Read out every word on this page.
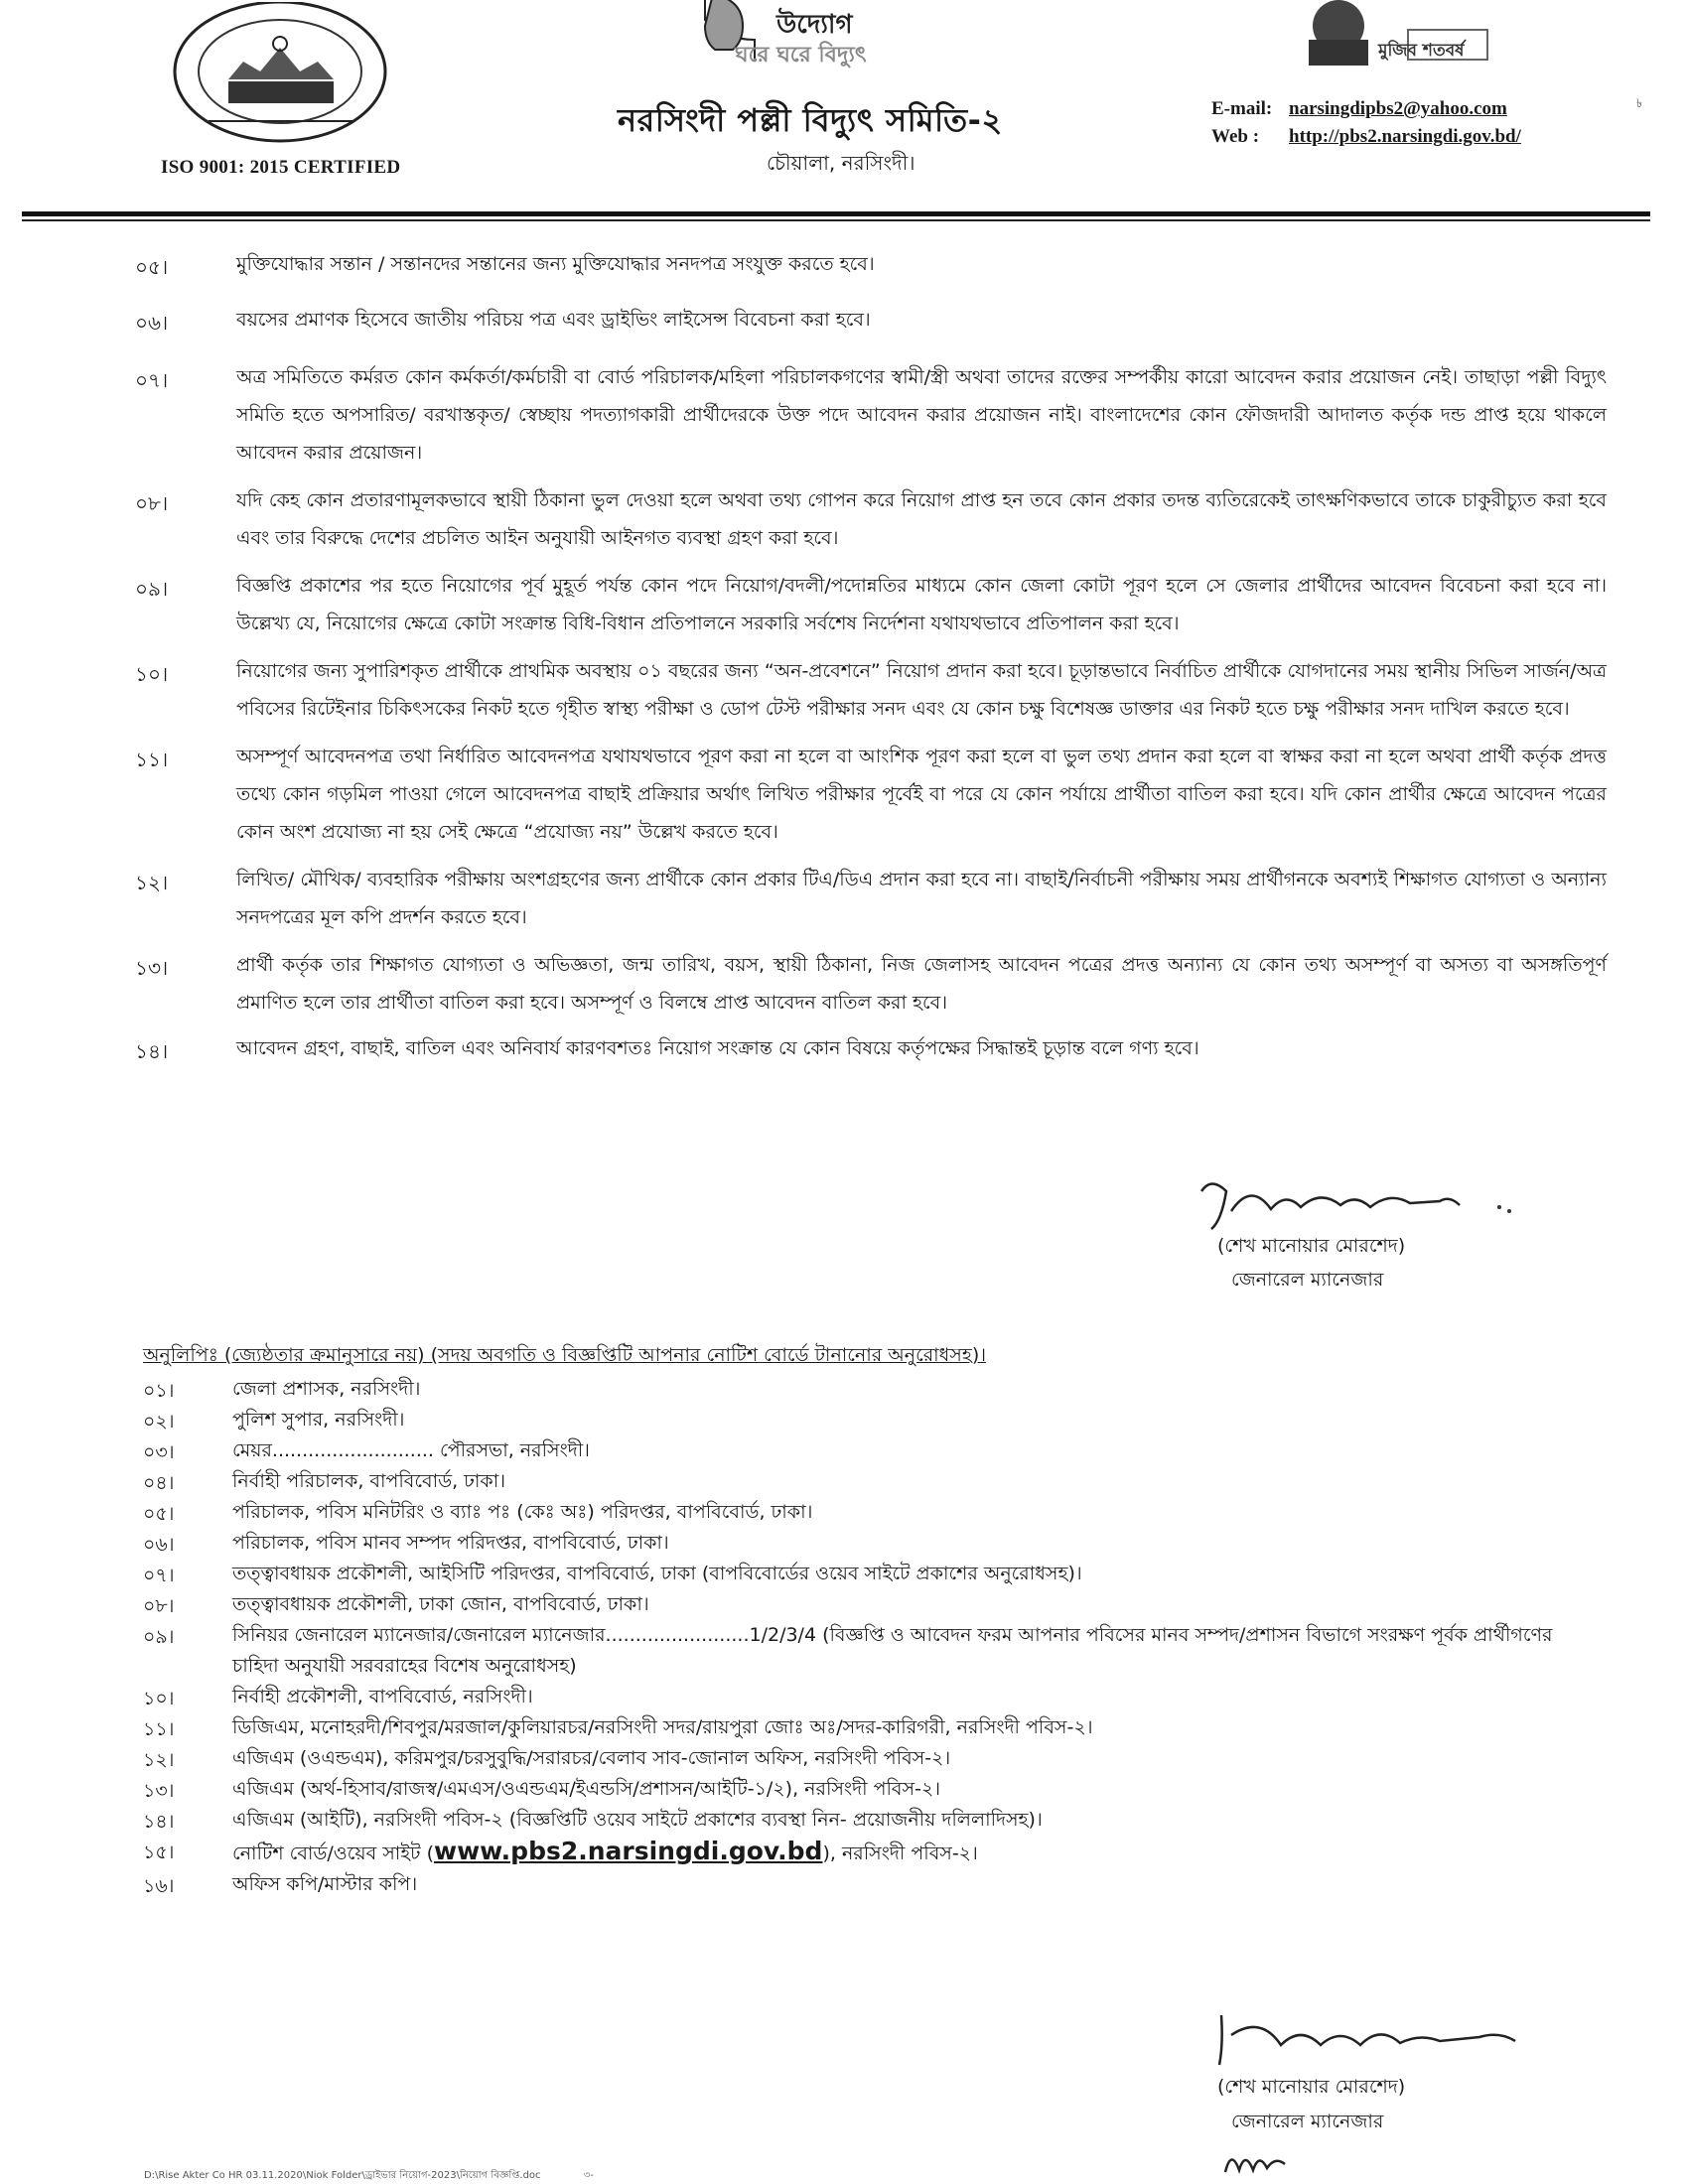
ISO 9001: 2015 CERTIFIED
উদ্যোগ
ঘরে ঘরে বিদ্যুৎ	মুজিব শতবর্ষ
৳
নরসিংদী পল্লী বিদ্যুৎ সমিতি-২
চৌয়ালা, নরসিংদী।
E-mail: narsingdipbs2@yahoo.com
Web : http://pbs2.narsingdi.gov.bd/
০৫।	মুক্তিযোদ্ধার সন্তান / সন্তানদের সন্তানের জন্য মুক্তিযোদ্ধার সনদপত্র সংযুক্ত করতে হবে।
০৬।	বয়সের প্রমাণক হিসেবে জাতীয় পরিচয় পত্র এবং ড্রাইভিং লাইসেন্স বিবেচনা করা হবে।
০৭।	অত্র সমিতিতে কর্মরত কোন কর্মকর্তা/কর্মচারী বা বোর্ড পরিচালক/মহিলা পরিচালকগণের স্বামী/স্ত্রী অথবা তাদের রক্তের সম্পর্কীয় কারো আবেদন করার প্রয়োজন নেই। তাছাড়া পল্লী বিদ্যুৎ সমিতি হতে অপসারিত/ বরখাস্তকৃত/ স্বেচ্ছায় পদত্যাগকারী প্রার্থীদেরকে উক্ত পদে আবেদন করার প্রয়োজন নাই। বাংলাদেশের কোন ফৌজদারী আদালত কর্তৃক দন্ড প্রাপ্ত হয়ে থাকলে আবেদন করার প্রয়োজন।
০৮।	যদি কেহ কোন প্রতারণামূলকভাবে স্থায়ী ঠিকানা ভুল দেওয়া হলে অথবা তথ্য গোপন করে নিয়োগ প্রাপ্ত হন তবে কোন প্রকার তদন্ত ব্যতিরেকেই তাৎক্ষণিকভাবে তাকে চাকুরীচ্যুত করা হবে এবং তার বিরুদ্ধে দেশের প্রচলিত আইন অনুযায়ী আইনগত ব্যবস্থা গ্রহণ করা হবে।
০৯।	বিজ্ঞপ্তি প্রকাশের পর হতে নিয়োগের পূর্ব মুহূর্ত পর্যন্ত কোন পদে নিয়োগ/বদলী/পদোন্নতির মাধ্যমে কোন জেলা কোটা পূরণ হলে সে জেলার প্রার্থীদের আবেদন বিবেচনা করা হবে না। উল্লেখ্য যে, নিয়োগের ক্ষেত্রে কোটা সংক্রান্ত বিধি-বিধান প্রতিপালনে সরকারি সর্বশেষ নির্দেশনা যথাযথভাবে প্রতিপালন করা হবে।
১০।	নিয়োগের জন্য সুপারিশকৃত প্রার্থীকে প্রাথমিক অবস্থায় ০১ বছরের জন্য “অন-প্রবেশনে” নিয়োগ প্রদান করা হবে। চূড়ান্তভাবে নির্বাচিত প্রার্থীকে যোগদানের সময় স্থানীয় সিভিল সার্জন/অত্র পবিসের রিটেইনার চিকিৎসকের নিকট হতে গৃহীত স্বাস্থ্য পরীক্ষা ও ডোপ টেস্ট পরীক্ষার সনদ এবং যে কোন চক্ষু বিশেষজ্ঞ ডাক্তার এর নিকট হতে চক্ষু পরীক্ষার সনদ দাখিল করতে হবে।
১১।	অসম্পূর্ণ আবেদনপত্র তথা নির্ধারিত আবেদনপত্র যথাযথভাবে পূরণ করা না হলে বা আংশিক পূরণ করা হলে বা ভুল তথ্য প্রদান করা হলে বা স্বাক্ষর করা না হলে অথবা প্রার্থী কর্তৃক প্রদত্ত তথ্যে কোন গড়মিল পাওয়া গেলে আবেদনপত্র বাছাই প্রক্রিয়ার অর্থাৎ লিখিত পরীক্ষার পূর্বেই বা পরে যে কোন পর্যায়ে প্রার্থীতা বাতিল করা হবে। যদি কোন প্রার্থীর ক্ষেত্রে আবেদন পত্রের কোন অংশ প্রযোজ্য না হয় সেই ক্ষেত্রে “প্রযোজ্য নয়” উল্লেখ করতে হবে।
১২।	লিখিত/ মৌখিক/ ব্যবহারিক পরীক্ষায় অংশগ্রহণের জন্য প্রার্থীকে কোন প্রকার টিএ/ডিএ প্রদান করা হবে না। বাছাই/নির্বাচনী পরীক্ষায় সময় প্রার্থীগনকে অবশ্যই শিক্ষাগত যোগ্যতা ও অন্যান্য সনদপত্রের মূল কপি প্রদর্শন করতে হবে।
১৩।	প্রার্থী কর্তৃক তার শিক্ষাগত যোগ্যতা ও অভিজ্ঞতা, জন্ম তারিখ, বয়স, স্থায়ী ঠিকানা, নিজ জেলাসহ আবেদন পত্রের প্রদত্ত অন্যান্য যে কোন তথ্য অসম্পূর্ণ বা অসত্য বা অসঙ্গতিপূর্ণ প্রমাণিত হলে তার প্রার্থীতা বাতিল করা হবে। অসম্পূর্ণ ও বিলম্বে প্রাপ্ত আবেদন বাতিল করা হবে।
১৪।	আবেদন গ্রহণ, বাছাই, বাতিল এবং অনিবার্য কারণবশতঃ নিয়োগ সংক্রান্ত যে কোন বিষয়ে কর্তৃপক্ষের সিদ্ধান্তই চূড়ান্ত বলে গণ্য হবে।
(শেখ মানোয়ার মোরশেদ)
জেনারেল ম্যানেজার
অনুলিপিঃ (জ্যেষ্ঠতার ক্রমানুসারে নয়) (সদয় অবগতি ও বিজ্ঞপ্তিটি আপনার নোটিশ বোর্ডে টানানোর অনুরোধসহ)।
০১।	জেলা প্রশাসক, নরসিংদী।
০২।	পুলিশ সুপার, নরসিংদী।
০৩।	মেয়র........................... পৌরসভা, নরসিংদী।
০৪।	নির্বাহী পরিচালক, বাপবিবোর্ড, ঢাকা।
০৫।	পরিচালক, পবিস মনিটরিং ও ব্যাঃ পঃ (কেঃ অঃ) পরিদপ্তর, বাপবিবোর্ড, ঢাকা।
০৬।	পরিচালক, পবিস মানব সম্পদ পরিদপ্তর, বাপবিবোর্ড, ঢাকা।
০৭।	তত্ত্বাবধায়ক প্রকৌশলী, আইসিটি পরিদপ্তর, বাপবিবোর্ড, ঢাকা (বাপবিবোর্ডের ওয়েব সাইটে প্রকাশের অনুরোধসহ)।
০৮।	তত্ত্বাবধায়ক প্রকৌশলী, ঢাকা জোন, বাপবিবোর্ড, ঢাকা।
০৯।	সিনিয়র জেনারেল ম্যানেজার/জেনারেল ম্যানেজার........................1/2/3/4 (বিজ্ঞপ্তি ও আবেদন ফরম আপনার পবিসের মানব সম্পদ/প্রশাসন বিভাগে সংরক্ষণ পূর্বক প্রার্থীগণের চাহিদা অনুযায়ী সরবরাহের বিশেষ অনুরোধসহ)
১০।	নির্বাহী প্রকৌশলী, বাপবিবোর্ড, নরসিংদী।
১১।	ডিজিএম, মনোহরদী/শিবপুর/মরজাল/কুলিয়ারচর/নরসিংদী সদর/রায়পুরা জোঃ অঃ/সদর-কারিগরী, নরসিংদী পবিস-২।
১২।	এজিএম (ওএন্ডএম), করিমপুর/চরসুবুদ্ধি/সরারচর/বেলাব সাব-জোনাল অফিস, নরসিংদী পবিস-২।
১৩।	এজিএম (অর্থ-হিসাব/রাজস্ব/এমএস/ওএন্ডএম/ইএন্ডসি/প্রশাসন/আইটি-১/২), নরসিংদী পবিস-২।
১৪।	এজিএম (আইটি), নরসিংদী পবিস-২ (বিজ্ঞপ্তিটি ওয়েব সাইটে প্রকাশের ব্যবস্থা নিন- প্রয়োজনীয় দলিলাদিসহ)।
১৫।	নোটিশ বোর্ড/ওয়েব সাইট (www.pbs2.narsingdi.gov.bd), নরসিংদী পবিস-২।
১৬।	অফিস কপি/মাস্টার কপি।
(শেখ মানোয়ার মোরশেদ)
জেনারেল ম্যানেজার
D:\Rise Akter Co HR 03.11.2020\Niok Folder\ড্রাইভার নিয়োগ-2023\নিয়োগ বিজ্ঞপ্তি.doc	৩-
